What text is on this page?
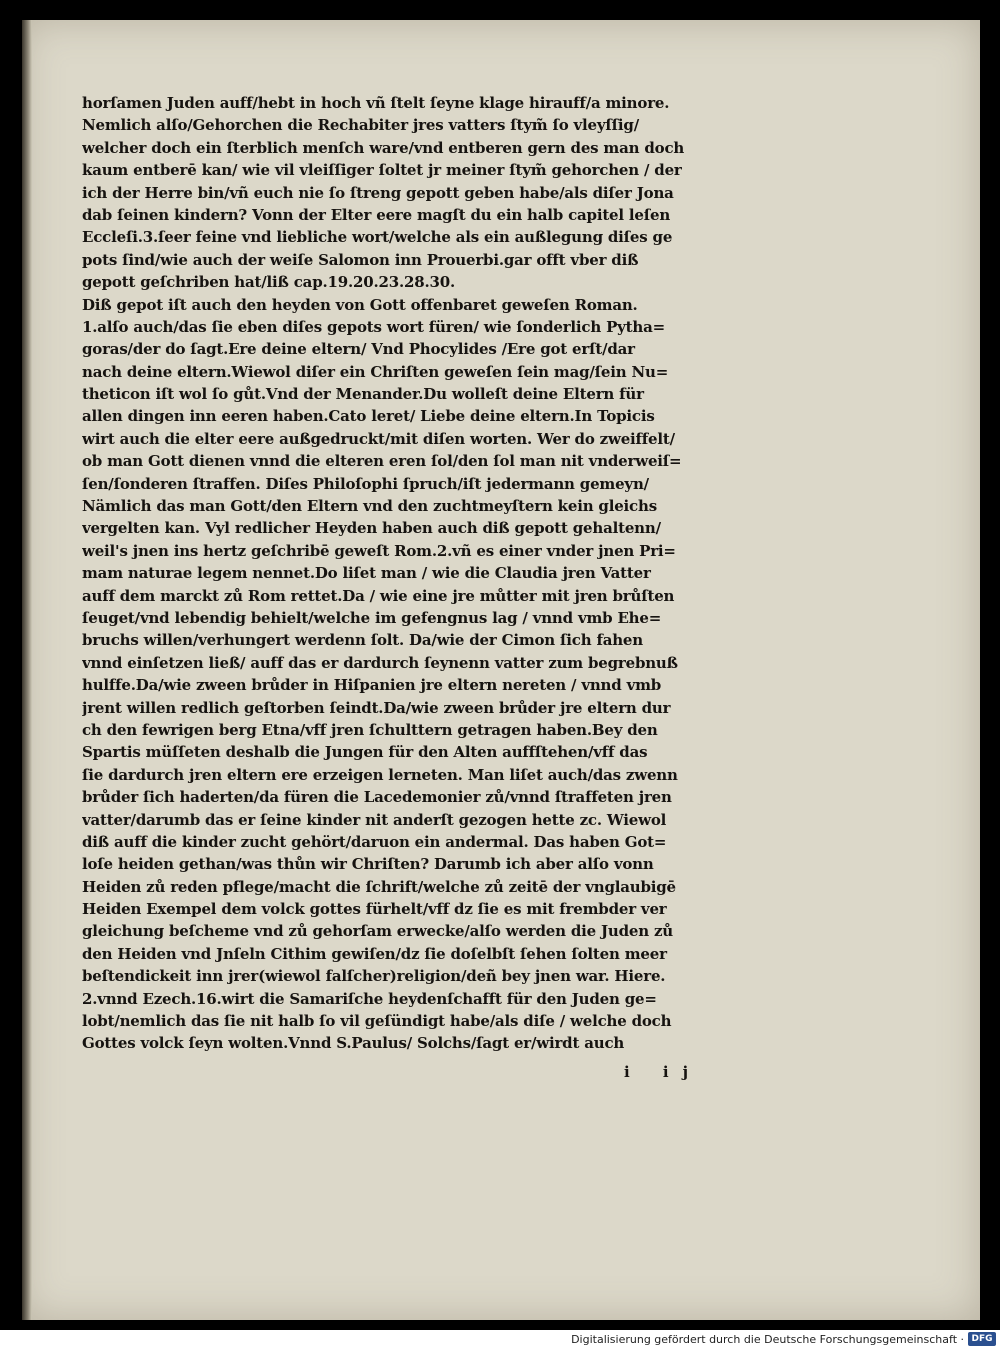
horſamen Juden auff/hebt in hoch vñ ſtelt ſeyne klage hirauff/a minore.
Nemlich alſo/Gehorchen die Rechabiter jres vatters ſtym̃ ſo vleyſſig/
welcher doch ein ſterblich menſch ware/vnd entberen gern des man doch
kaum entberē kan/ wie vil vleiſſiger ſoltet jr meiner ſtym̃ gehorchen / der
ich der Herre bin/vñ euch nie ſo ſtreng gepott geben habe/als diſer Jona
dab ſeinen kindern? Vonn der Elter eere magſt du ein halb capitel leſen
Eccleſi.3.ſeer feine vnd liebliche wort/welche als ein außlegung diſes ge
pots ſind/wie auch der weiſe Salomon inn Prouerbi.gar offt vber diß
gepott geſchriben hat/liß cap.19.20.23.28.30.
Diß gepot iſt auch den heyden von Gott offenbaret geweſen Roman.
1.alſo auch/das ſie eben diſes gepots wort füren/ wie ſonderlich Pytha=
goras/der do ſagt.Ere deine eltern/ Vnd Phocylides /Ere got erſt/dar
nach deine eltern.Wiewol diſer ein Chriſten geweſen ſein mag/ſein Nu=
theticon iſt wol ſo gůt.Vnd der Menander.Du wolleſt deine Eltern für
allen dingen inn eeren haben.Cato leret/ Liebe deine eltern.In Topicis
wirt auch die elter eere außgedruckt/mit diſen worten. Wer do zweiffelt/
ob man Gott dienen vnnd die elteren eren ſol/den ſol man nit vnderweiſ=
ſen/ſonderen ſtraffen. Diſes Philoſophi ſpruch/iſt jedermann gemeyn/
Nämlich das man Gott/den Eltern vnd den zuchtmeyſtern kein gleichs
vergelten kan. Vyl redlicher Heyden haben auch diß gepott gehaltenn/
weil's jnen ins hertz geſchribē geweſt Rom.2.vñ es einer vnder jnen Pri=
mam naturae legem nennet.Do liſet man / wie die Claudia jren Vatter
auff dem marckt zů Rom rettet.Da / wie eine jre můtter mit jren brůſten
ſeuget/vnd lebendig behielt/welche im gefengnus lag / vnnd vmb Ehe=
bruchs willen/verhungert werdenn ſolt. Da/wie der Cimon ſich fahen
vnnd einſetzen ließ/ auff das er dardurch ſeynenn vatter zum begrebnuß
hulffe.Da/wie zween brůder in Hiſpanien jre eltern nereten / vnnd vmb
jrent willen redlich geſtorben ſeindt.Da/wie zween brůder jre eltern dur
ch den fewrigen berg Etna/vff jren ſchulttern getragen haben.Bey den
Spartis müſſeten deshalb die Jungen für den Alten auffſtehen/vff das
ſie dardurch jren eltern ere erzeigen lerneten. Man liſet auch/das zwenn
brůder ſich haderten/da füren die Lacedemonier zů/vnnd ſtraffeten jren
vatter/darumb das er ſeine kinder nit anderſt gezogen hette zc. Wiewol
diß auff die kinder zucht gehört/daruon ein andermal. Das haben Got=
loſe heiden gethan/was thůn wir Chriſten? Darumb ich aber alſo vonn
Heiden zů reden pflege/macht die ſchrift/welche zů zeitē der vnglaubigē
Heiden Exempel dem volck gottes fürhelt/vff dz ſie es mit frembder ver
gleichung beſcheme vnd zů gehorſam erwecke/alſo werden die Juden zů
den Heiden vnd Jnſeln Cithim gewiſen/dz ſie doſelbſt ſehen ſolten meer
beſtendickeit inn jrer(wiewol falſcher)religion/deñ bey jnen war. Hiere.
2.vnnd Ezech.16.wirt die Samariſche heydenſchafft für den Juden ge=
lobt/nemlich das ſie nit halb ſo vil geſündigt habe/als diſe / welche doch
Gottes volck ſeyn wolten.Vnnd S.Paulus/ Solchs/ſagt er/wirdt auch
i ij
Digitalisierung gefördert durch die Deutsche Forschungsgemeinschaft · DFG
